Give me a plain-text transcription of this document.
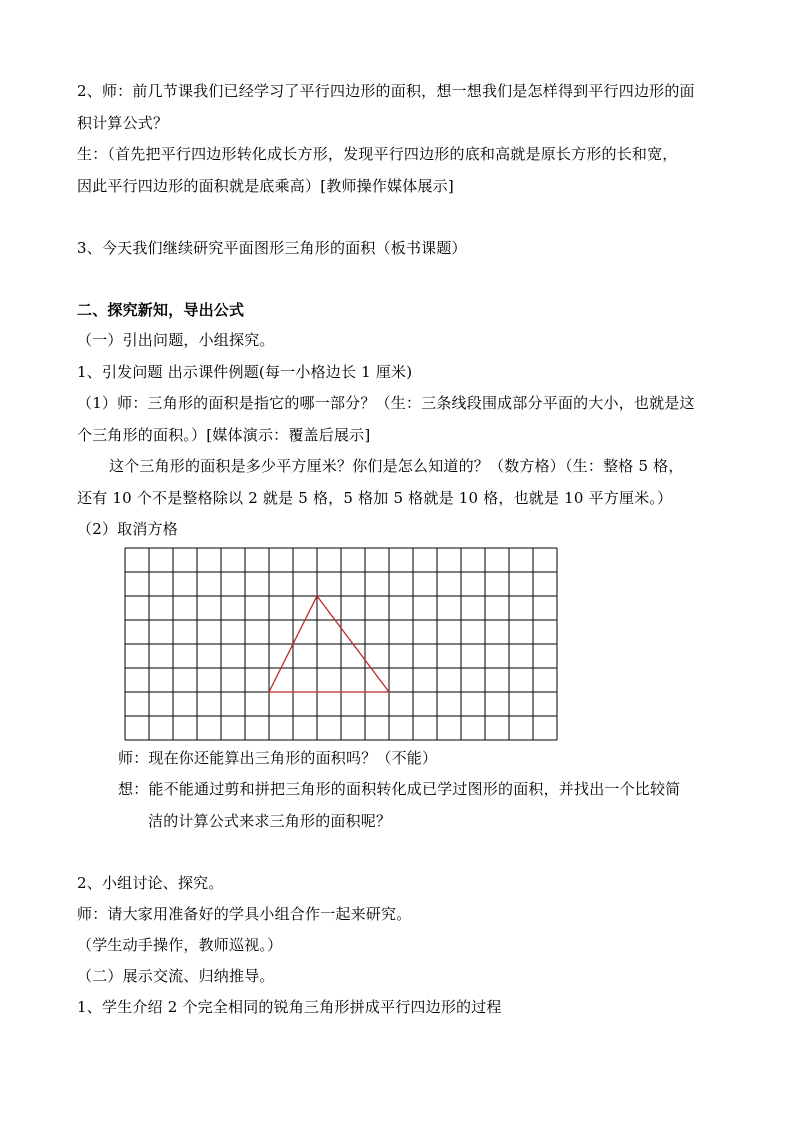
2、师：前几节课我们已经学习了平行四边形的面积，想一想我们是怎样得到平行四边形的面
积计算公式？
生：（首先把平行四边形转化成长方形，发现平行四边形的底和高就是原长方形的长和宽，
因此平行四边形的面积就是底乘高）[教师操作媒体展示]
3、今天我们继续研究平面图形三角形的面积（板书课题）
二、探究新知，导出公式
（一）引出问题，小组探究。
1、引发问题 出示课件例题(每一小格边长 1 厘米)
（1）师：三角形的面积是指它的哪一部分？（生：三条线段围成部分平面的大小，也就是这
个三角形的面积。）[媒体演示：覆盖后展示]
这个三角形的面积是多少平方厘米？你们是怎么知道的？（数方格）（生：整格 5 格，
还有 10 个不是整格除以 2 就是 5 格，5 格加 5 格就是 10 格，也就是 10 平方厘米。）
（2）取消方格
师：现在你还能算出三角形的面积吗？（不能）
想：能不能通过剪和拼把三角形的面积转化成已学过图形的面积，并找出一个比较简
洁的计算公式来求三角形的面积呢？
2、小组讨论、探究。
师：请大家用准备好的学具小组合作一起来研究。
（学生动手操作，教师巡视。）
（二）展示交流、归纳推导。
1、学生介绍 2 个完全相同的锐角三角形拼成平行四边形的过程
